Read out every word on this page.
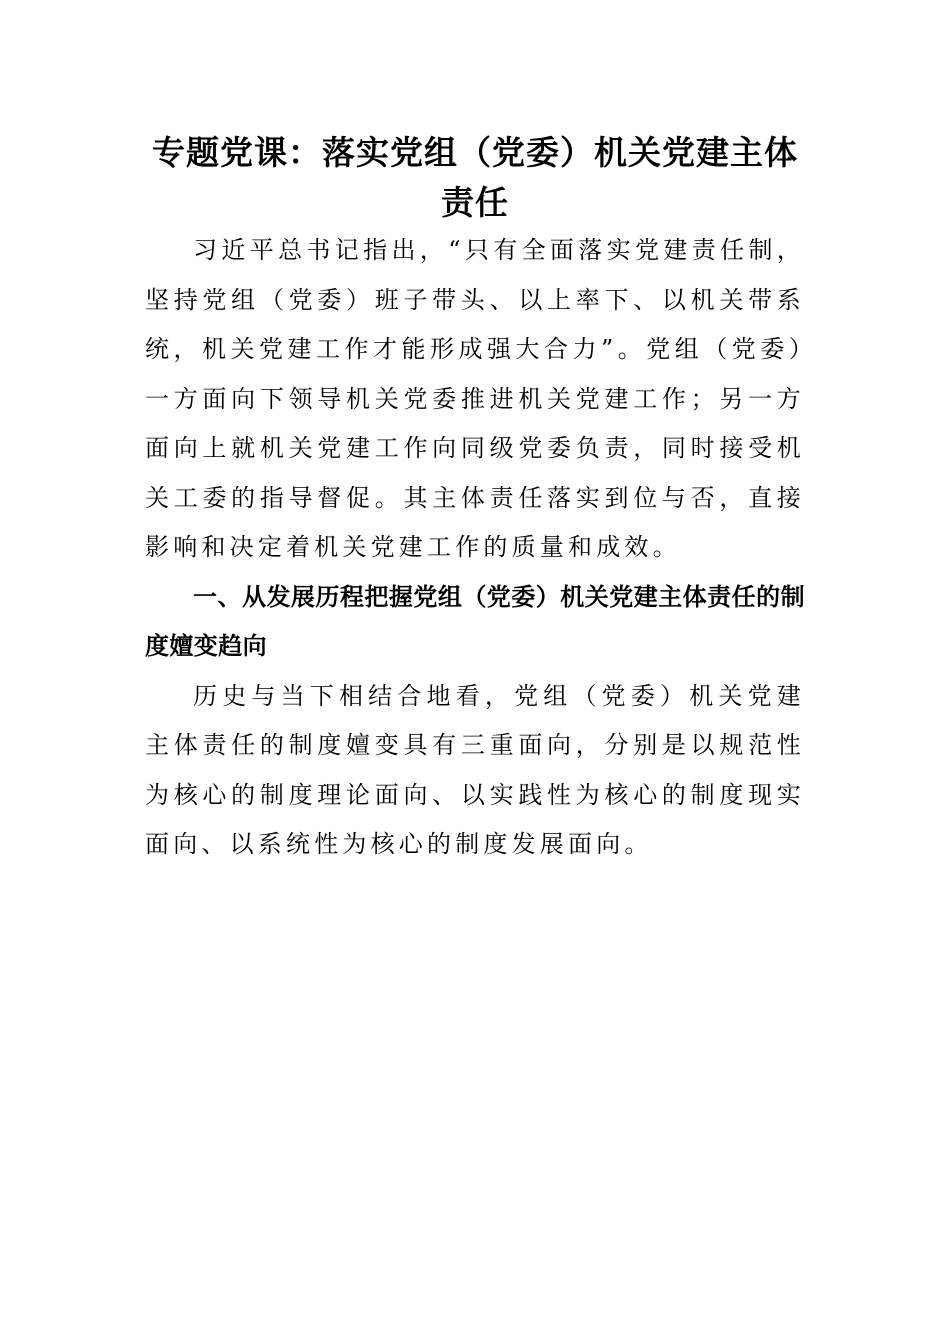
专题党课：落实党组（党委）机关党建主体责任

习近平总书记指出，“只有全面落实党建责任制，坚持党组（党委）班子带头、以上率下、以机关带系统，机关党建工作才能形成强大合力”。党组（党委）一方面向下领导机关党委推进机关党建工作；另一方面向上就机关党建工作向同级党委负责，同时接受机关工委的指导督促。其主体责任落实到位与否，直接影响和决定着机关党建工作的质量和成效。

一、从发展历程把握党组（党委）机关党建主体责任的制度嬗变趋向

历史与当下相结合地看，党组（党委）机关党建主体责任的制度嬗变具有三重面向，分别是以规范性为核心的制度理论面向、以实践性为核心的制度现实面向、以系统性为核心的制度发展面向。
